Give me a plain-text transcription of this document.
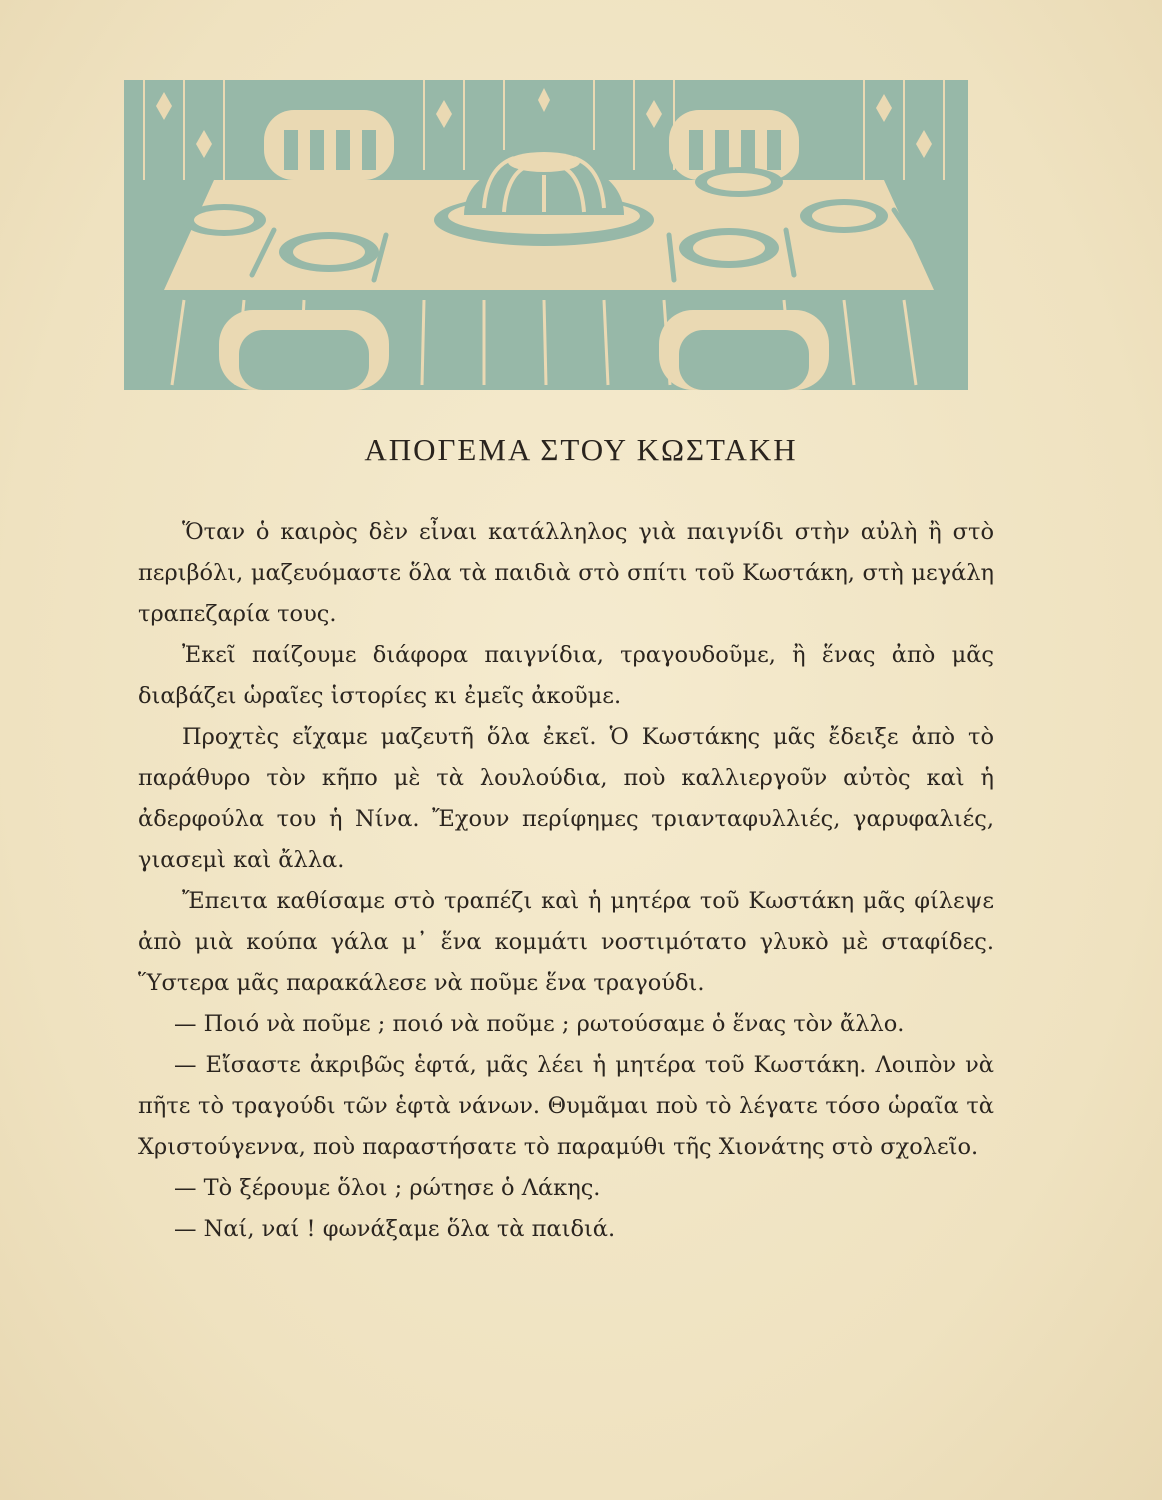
ΑΠΟΓΕΜΑ ΣΤΟΥ ΚΩΣΤΑΚΗ

Ὅταν ὁ καιρὸς δὲν εἶναι κατάλληλος γιὰ παιγνίδι στὴν αὐλὴ ἢ στὸ περιβόλι, μαζευόμαστε ὅλα τὰ παιδιὰ στὸ σπίτι τοῦ Κωστάκη, στὴ μεγάλη τραπεζαρία τους.

Ἐκεῖ παίζουμε διάφορα παιγνίδια, τραγουδοῦμε, ἢ ἕνας ἀπὸ μᾶς διαβάζει ὡραῖες ἱστορίες κι ἐμεῖς ἀκοῦμε.

Προχτὲς εἴχαμε μαζευτῆ ὅλα ἐκεῖ. Ὁ Κωστάκης μᾶς ἔδειξε ἀπὸ τὸ παράθυρο τὸν κῆπο μὲ τὰ λουλούδια, ποὺ καλλιεργοῦν αὐτὸς καὶ ἡ ἀδερφούλα του ἡ Νίνα. Ἔχουν περίφημες τριανταφυλλιές, γαρυφαλιές, γιασεμὶ καὶ ἄλλα.

Ἔπειτα καθίσαμε στὸ τραπέζι καὶ ἡ μητέρα τοῦ Κωστάκη μᾶς φίλεψε ἀπὸ μιὰ κούπα γάλα μ᾽ ἕνα κομμάτι νοστιμότατο γλυκὸ μὲ σταφίδες. Ὕστερα μᾶς παρακάλεσε νὰ ποῦμε ἕνα τραγούδι.

— Ποιό νὰ ποῦμε ; ποιό νὰ ποῦμε ; ρωτούσαμε ὁ ἕνας τὸν ἄλλο.

— Εἴσαστε ἀκριβῶς ἑφτά, μᾶς λέει ἡ μητέρα τοῦ Κωστάκη. Λοιπὸν νὰ πῆτε τὸ τραγούδι τῶν ἑφτὰ νάνων. Θυμᾶμαι ποὺ τὸ λέγατε τόσο ὡραῖα τὰ Χριστούγεννα, ποὺ παραστήσατε τὸ παραμύθι τῆς Χιονάτης στὸ σχολεῖο.

— Τὸ ξέρουμε ὅλοι ; ρώτησε ὁ Λάκης.

— Ναί, ναί ! φωνάξαμε ὅλα τὰ παιδιά.
